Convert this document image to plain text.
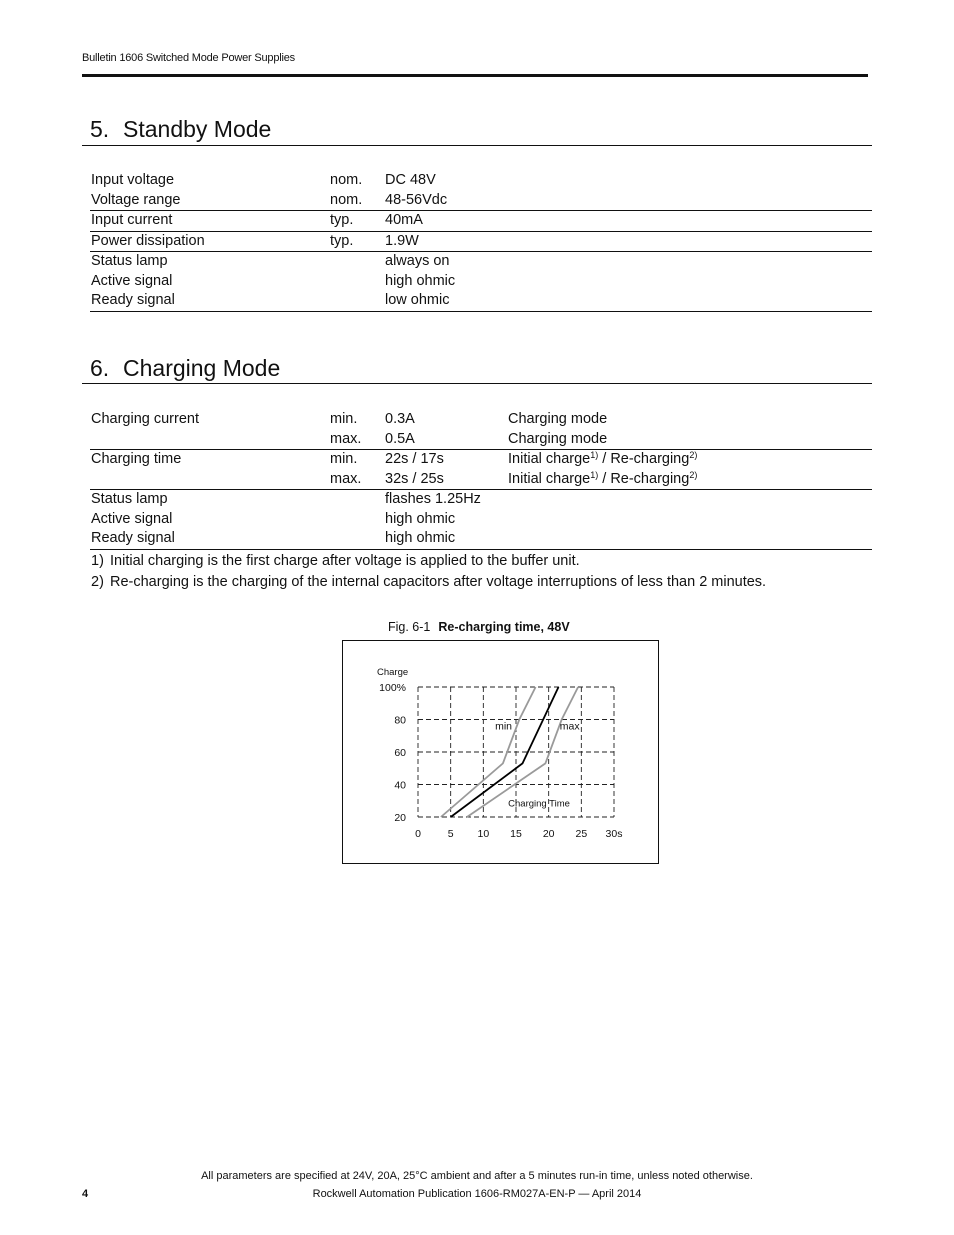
Bulletin 1606 Switched Mode Power Supplies
5. Standby Mode
Input voltage	nom. DC 48V
Voltage range	nom. 48-56Vdc
Input current	typ. 40mA
Power dissipation	typ. 1.9W
Status lamp	always on
Active signal	high ohmic
Ready signal	low ohmic
6. Charging Mode
Charging current	min. 0.3A	Charging mode
max. 0.5A	Charging mode
Charging time	min. 22s / 17s	Initial charge$^{1)}$ / Re-charging$^{2)}$
max. 32s / 25s	Initial charge$^{1)}$ / Re-charging$^{2)}$
Status lamp	flashes 1.25Hz
Active signal	high ohmic
Ready signal	high ohmic
1) Initial charging is the first charge after voltage is applied to the buffer unit.
2) Re-charging is the charging of the internal capacitors after voltage interruptions of less than 2 minutes.
Fig. 6-1 Re-charging time, 48V
0	5 10 15 20 25 30s
20
40
60
80
100%
Charge
Charging Time
min	max
All parameters are specified at 24V, 20A, 25°C ambient and after a 5 minutes run-in time, unless noted otherwise.
4	Rockwell Automation Publication 1606-RM027A-EN-P — April 2014
